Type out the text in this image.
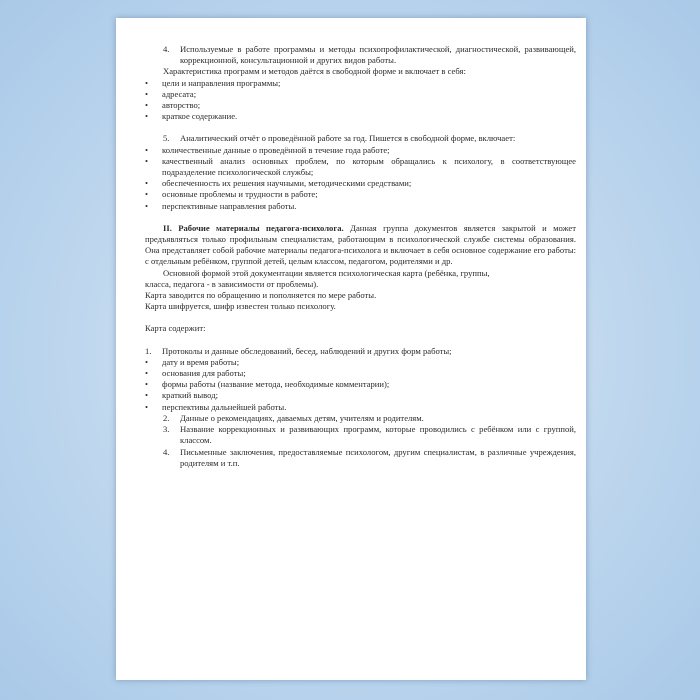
4.	Используемые в работе программы и методы психопрофилактической, диагностической, развивающей, коррекционной, консультационной и других видов работы.

Характеристика программ и методов даётся в свободной форме и включает в себя:

•	цели и направления программы;
•	адресата;
•	авторство;
•	краткое содержание.
5.	Аналитический отчёт о проведённой работе за год. Пишется в свободной форме, включает:
•	количественные данные о проведённой в течение года работе;
•	качественный анализ основных проблем, по которым обращались к психологу, в соответствующее подразделение психологической службы;
•	обеспеченность их решения научными, методическими средствами;
•	основные проблемы и трудности в работе;
•	перспективные направления работы.

II. Рабочие материалы педагога-психолога. Данная группа документов является закрытой и может предъявляться только профильным специалистам, работающим в психологической службе системы образования. Она представляет собой рабочие материалы педагога-психолога и включает в себя основное содержание его работы: с отдельным ребёнком, группой детей, целым классом, педагогом, родителями и др.

Основной формой этой документации является психологическая карта (ребёнка, группы,

класса, педагога - в зависимости от проблемы).

Карта заводится по обращению и пополняется по мере работы.

Карта шифруется, шифр известен только психологу.

Карта содержит:

1.	Протоколы и данные обследований, бесед, наблюдений и других форм работы;
•	дату и время работы;
•	основания для работы;
•	формы работы (название метода, необходимые комментарии);
•	краткий вывод;
•	перспективы дальнейшей работы.
2.	Данные о рекомендациях, даваемых детям, учителям и родителям.
3.	Название коррекционных и развивающих программ, которые проводились с ребёнком или с группой, классом.
4.	Письменные заключения, предоставляемые психологом, другим специалистам, в различные учреждения, родителям и т.п.
